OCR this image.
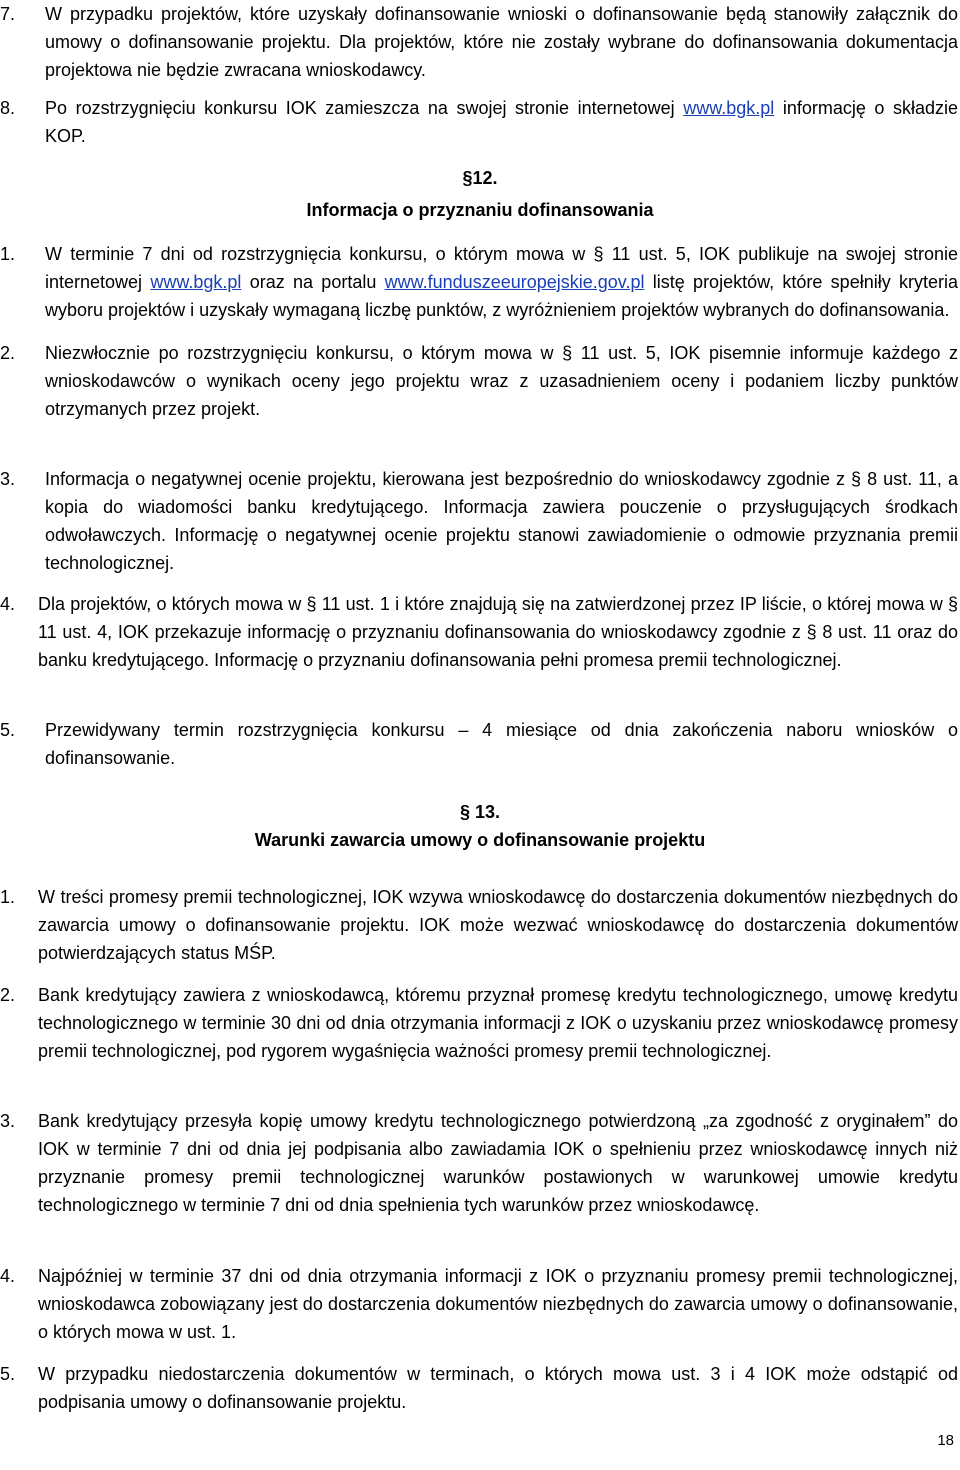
7. W przypadku projektów, które uzyskały dofinansowanie wnioski o dofinansowanie będą stanowiły załącznik do umowy o dofinansowanie projektu. Dla projektów, które nie zostały wybrane do dofinansowania dokumentacja projektowa nie będzie zwracana wnioskodawcy.
8. Po rozstrzygnięciu konkursu IOK zamieszcza na swojej stronie internetowej www.bgk.pl informację o składzie KOP.
§12.
Informacja o przyznaniu dofinansowania
1. W terminie 7 dni od rozstrzygnięcia konkursu, o którym mowa w § 11 ust. 5, IOK publikuje na swojej stronie internetowej www.bgk.pl oraz na portalu www.funduszeeuropejskie.gov.pl listę projektów, które spełniły kryteria wyboru projektów i uzyskały wymaganą liczbę punktów, z wyróżnieniem projektów wybranych do dofinansowania.
2. Niezwłocznie po rozstrzygnięciu konkursu, o którym mowa w § 11 ust. 5, IOK pisemnie informuje każdego z wnioskodawców o wynikach oceny jego projektu wraz z uzasadnieniem oceny i podaniem liczby punktów otrzymanych przez projekt.
3. Informacja o negatywnej ocenie projektu, kierowana jest bezpośrednio do wnioskodawcy zgodnie z § 8 ust. 11, a kopia do wiadomości banku kredytującego. Informacja zawiera pouczenie o przysługujących środkach odwoławczych. Informację o negatywnej ocenie projektu stanowi zawiadomienie o odmowie przyznania premii technologicznej.
4. Dla projektów, o których mowa w § 11 ust. 1 i które znajdują się na zatwierdzonej przez IP liście, o której mowa w § 11 ust. 4, IOK przekazuje informację o przyznaniu dofinansowania do wnioskodawcy zgodnie z § 8 ust. 11 oraz do banku kredytującego. Informację o przyznaniu dofinansowania pełni promesa premii technologicznej.
5. Przewidywany termin rozstrzygnięcia konkursu – 4 miesiące od dnia zakończenia naboru wniosków o dofinansowanie.
§ 13.
Warunki zawarcia umowy o dofinansowanie projektu
1. W treści promesy premii technologicznej, IOK wzywa wnioskodawcę do dostarczenia dokumentów niezbędnych do zawarcia umowy o dofinansowanie projektu. IOK może wezwać wnioskodawcę do dostarczenia dokumentów potwierdzających status MŚP.
2. Bank kredytujący zawiera z wnioskodawcą, któremu przyznał promesę kredytu technologicznego, umowę kredytu technologicznego w terminie 30 dni od dnia otrzymania informacji z IOK o uzyskaniu przez wnioskodawcę promesy premii technologicznej, pod rygorem wygaśnięcia ważności promesy premii technologicznej.
3. Bank kredytujący przesyła kopię umowy kredytu technologicznego potwierdzoną „za zgodność z oryginałem” do IOK w terminie 7 dni od dnia jej podpisania albo zawiadamia IOK o spełnieniu przez wnioskodawcę innych niż przyznanie promesy premii technologicznej warunków postawionych w warunkowej umowie kredytu technologicznego w terminie 7 dni od dnia spełnienia tych warunków przez wnioskodawcę.
4. Najpóźniej w terminie 37 dni od dnia otrzymania informacji z IOK o przyznaniu promesy premii technologicznej, wnioskodawca zobowiązany jest do dostarczenia dokumentów niezbędnych do zawarcia umowy o dofinansowanie, o których mowa w ust. 1.
5. W przypadku niedostarczenia dokumentów w terminach, o których mowa ust. 3 i 4 IOK może odstąpić od podpisania umowy o dofinansowanie projektu.
18
